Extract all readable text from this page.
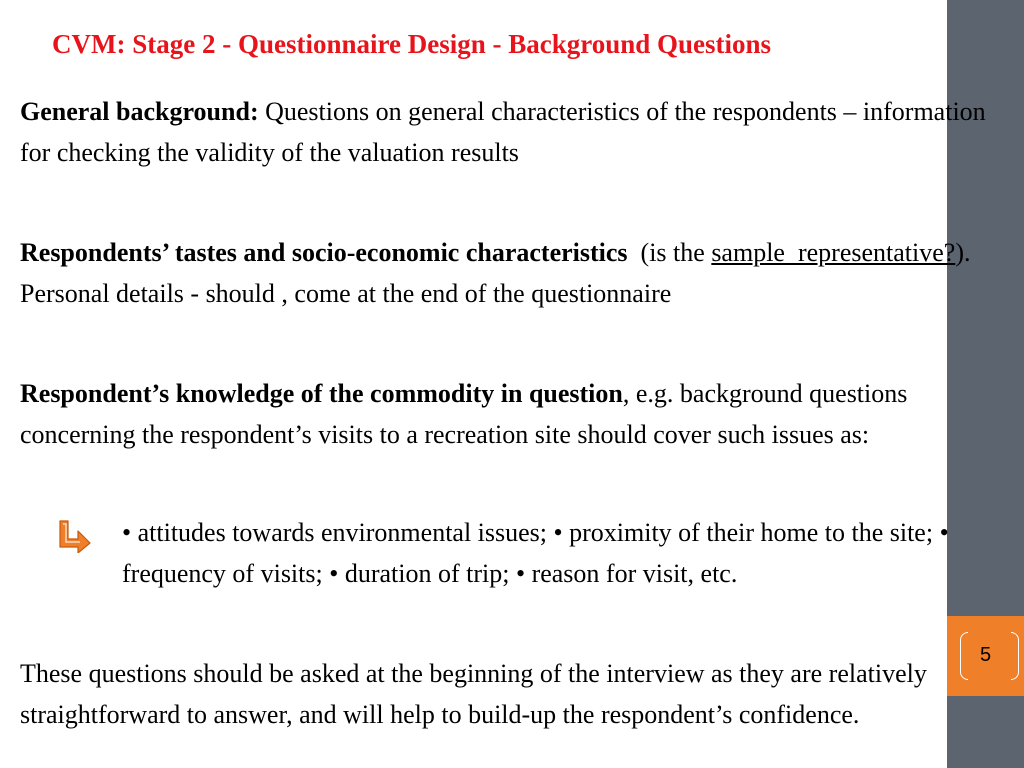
5
CVM: Stage 2 - Questionnaire Design - Background Questions

General background: Questions on general characteristics of the respondents – information for checking the validity of the valuation results

Respondents’ tastes and socio-economic characteristics  (is the sample  representative?). Personal details - should , come at the end of the questionnaire

Respondent’s knowledge of the commodity in question, e.g. background questions concerning the respondent’s visits to a recreation site should cover such issues as:

• attitudes towards environmental issues; • proximity of their home to the site; • frequency of visits; • duration of trip; • reason for visit, etc.

These questions should be asked at the beginning of the interview as they are relatively straightforward to answer, and will help to build-up the respondent’s confidence.
